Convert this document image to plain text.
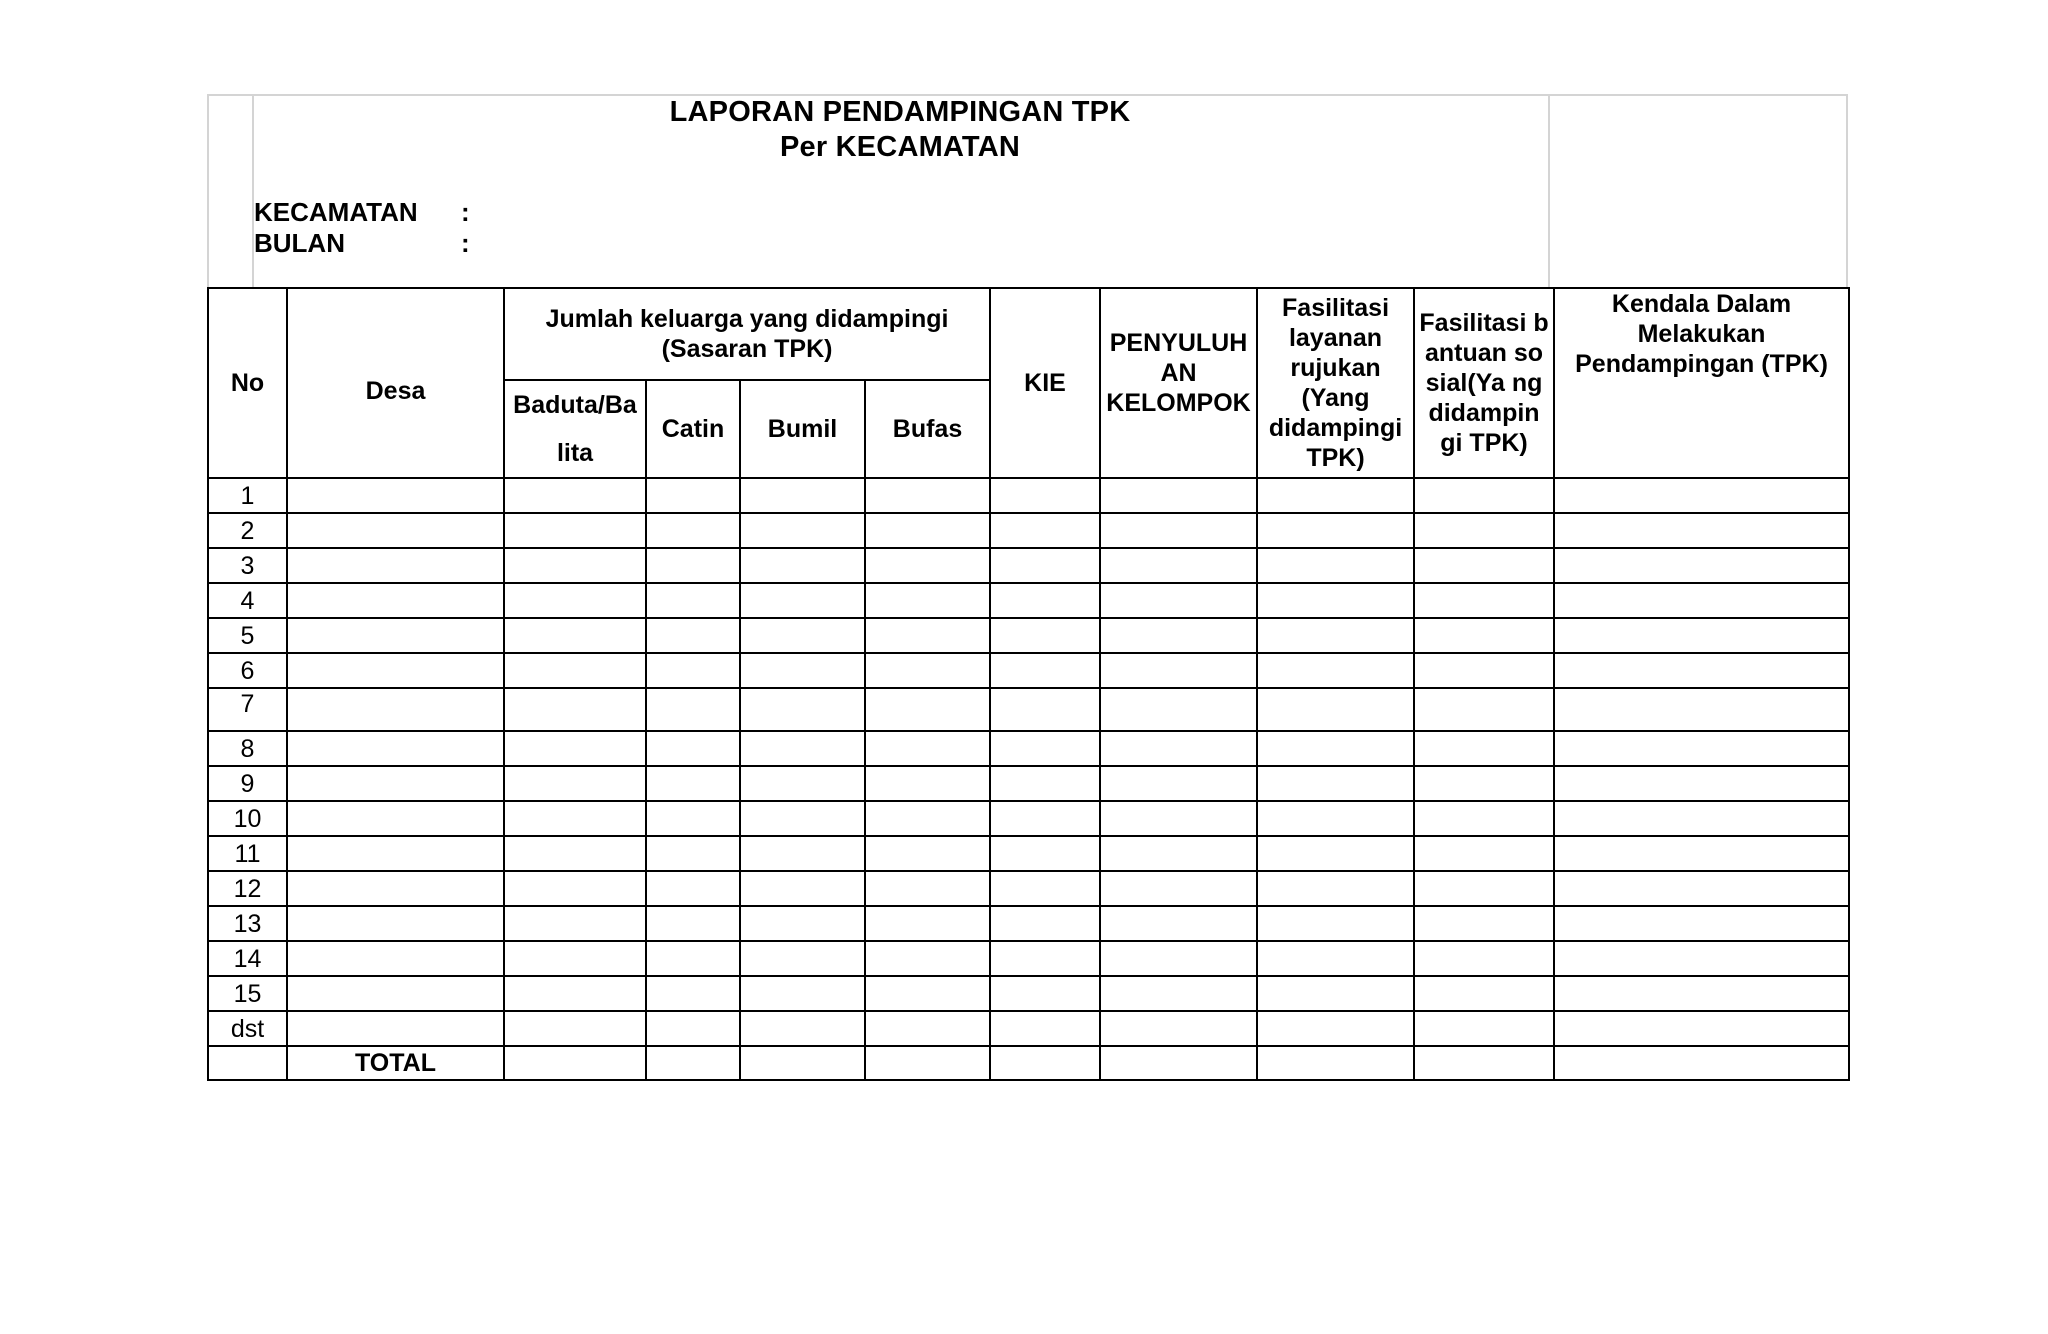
LAPORAN PENDAMPINGAN TPK
Per KECAMATAN
KECAMATAN :
BULAN	:
No	Desa	Jumlah keluarga yang didampingi (Sasaran TPK)				KIE	PENYULUH AN KELOMPOK	Fasilitasi layanan rujukan (Yang didampingi TPK)	Fasilitasi bantuan sosial(Ya ng didampin gi TPK)	Kendala Dalam Melakukan Pendampingan (TPK)
		Baduta/Ba lita	Catin	Bumil	Bufas					
1										
2										
3										
4										
5										
6										
7										
8										
9										
10										
11										
12										
13										
14										
15										
dst										
	TOTAL									
